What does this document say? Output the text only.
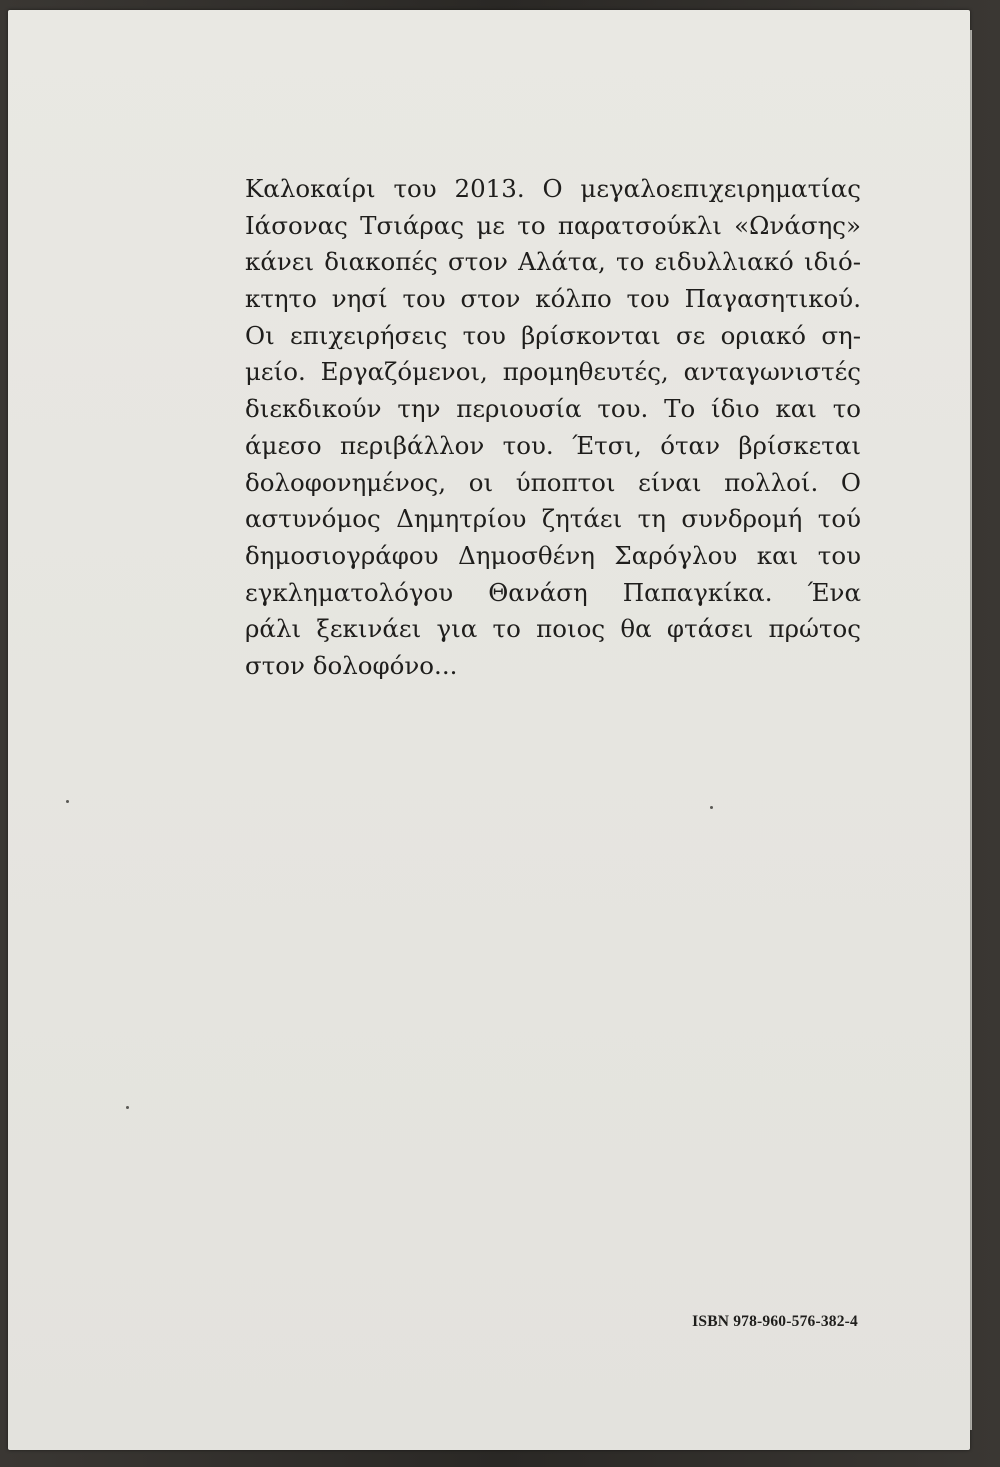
Καλοκαίρι του 2013. Ο μεγαλοεπιχειρηματίας
Ιάσονας Τσιάρας με το παρατσούκλι «Ωνάσης»
κάνει διακοπές στον Αλάτα, το ειδυλλιακό ιδιό-
κτητο νησί του στον κόλπο του Παγασητικού.
Οι επιχειρήσεις του βρίσκονται σε οριακό ση-
μείο. Εργαζόμενοι, προμηθευτές, ανταγωνιστές
διεκδικούν την περιουσία του. Το ίδιο και το
άμεσο περιβάλλον του. Έτσι, όταν βρίσκεται
δολοφονημένος, οι ύποπτοι είναι πολλοί. Ο
αστυνόμος Δημητρίου ζητάει τη συνδρομή τού
δημοσιογράφου Δημοσθένη Σαρόγλου και του
εγκληματολόγου Θανάση Παπαγκίκα. Ένα
ράλι ξεκινάει για το ποιος θα φτάσει πρώτος
στον δολοφόνο...

ISBN 978-960-576-382-4
